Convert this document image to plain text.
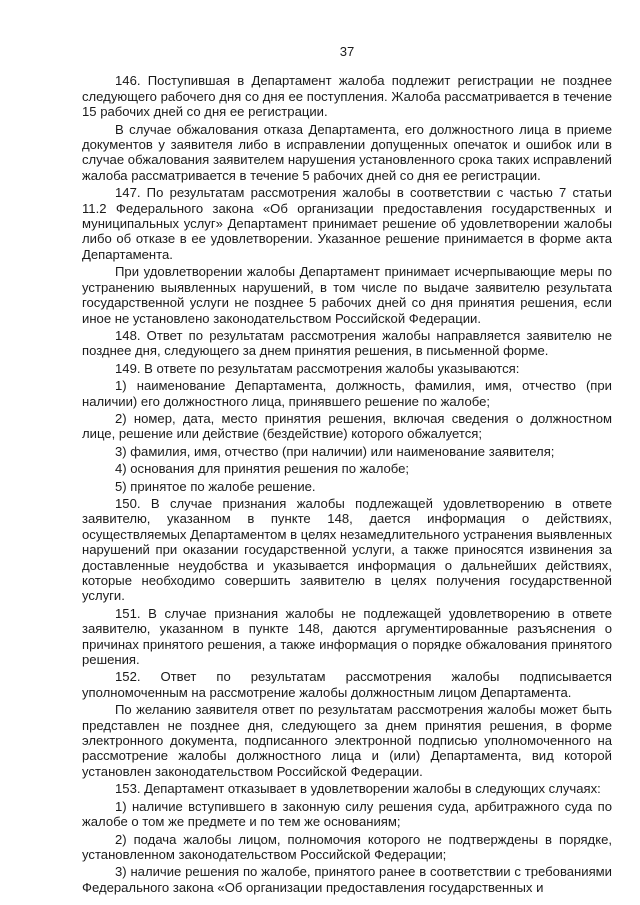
37

146. Поступившая в Департамент жалоба подлежит регистрации не позднее следующего рабочего дня со дня ее поступления. Жалоба рассматривается в течение 15 рабочих дней со дня ее регистрации.

В случае обжалования отказа Департамента, его должностного лица в приеме документов у заявителя либо в исправлении допущенных опечаток и ошибок или в случае обжалования заявителем нарушения установленного срока таких исправлений жалоба рассматривается в течение 5 рабочих дней со дня ее регистрации.

147. По результатам рассмотрения жалобы в соответствии с частью 7 статьи 11.2 Федерального закона «Об организации предоставления государственных и муниципальных услуг» Департамент принимает решение об удовлетворении жалобы либо об отказе в ее удовлетворении. Указанное решение принимается в форме акта Департамента.

При удовлетворении жалобы Департамент принимает исчерпывающие меры по устранению выявленных нарушений, в том числе по выдаче заявителю результата государственной услуги не позднее 5 рабочих дней со дня принятия решения, если иное не установлено законодательством Российской Федерации.

148. Ответ по результатам рассмотрения жалобы направляется заявителю не позднее дня, следующего за днем принятия решения, в письменной форме.

149. В ответе по результатам рассмотрения жалобы указываются:

1) наименование Департамента, должность, фамилия, имя, отчество (при наличии) его должностного лица, принявшего решение по жалобе;

2) номер, дата, место принятия решения, включая сведения о должностном лице, решение или действие (бездействие) которого обжалуется;

3) фамилия, имя, отчество (при наличии) или наименование заявителя;

4) основания для принятия решения по жалобе;

5) принятое по жалобе решение.

150. В случае признания жалобы подлежащей удовлетворению в ответе заявителю, указанном в пункте 148, дается информация о действиях, осуществляемых Департаментом в целях незамедлительного устранения выявленных нарушений при оказании государственной услуги, а также приносятся извинения за доставленные неудобства и указывается информация о дальнейших действиях, которые необходимо совершить заявителю в целях получения государственной услуги.

151. В случае признания жалобы не подлежащей удовлетворению в ответе заявителю, указанном в пункте 148, даются аргументированные разъяснения о причинах принятого решения, а также информация о порядке обжалования принятого решения.

152. Ответ по результатам рассмотрения жалобы подписывается уполномоченным на рассмотрение жалобы должностным лицом Департамента.

По желанию заявителя ответ по результатам рассмотрения жалобы может быть представлен не позднее дня, следующего за днем принятия решения, в форме электронного документа, подписанного электронной подписью уполномоченного на рассмотрение жалобы должностного лица и (или) Департамента, вид которой установлен законодательством Российской Федерации.

153. Департамент отказывает в удовлетворении жалобы в следующих случаях:

1) наличие вступившего в законную силу решения суда, арбитражного суда по жалобе о том же предмете и по тем же основаниям;

2) подача жалобы лицом, полномочия которого не подтверждены в порядке, установленном законодательством Российской Федерации;

3) наличие решения по жалобе, принятого ранее в соответствии с требованиями Федерального закона «Об организации предоставления государственных и
